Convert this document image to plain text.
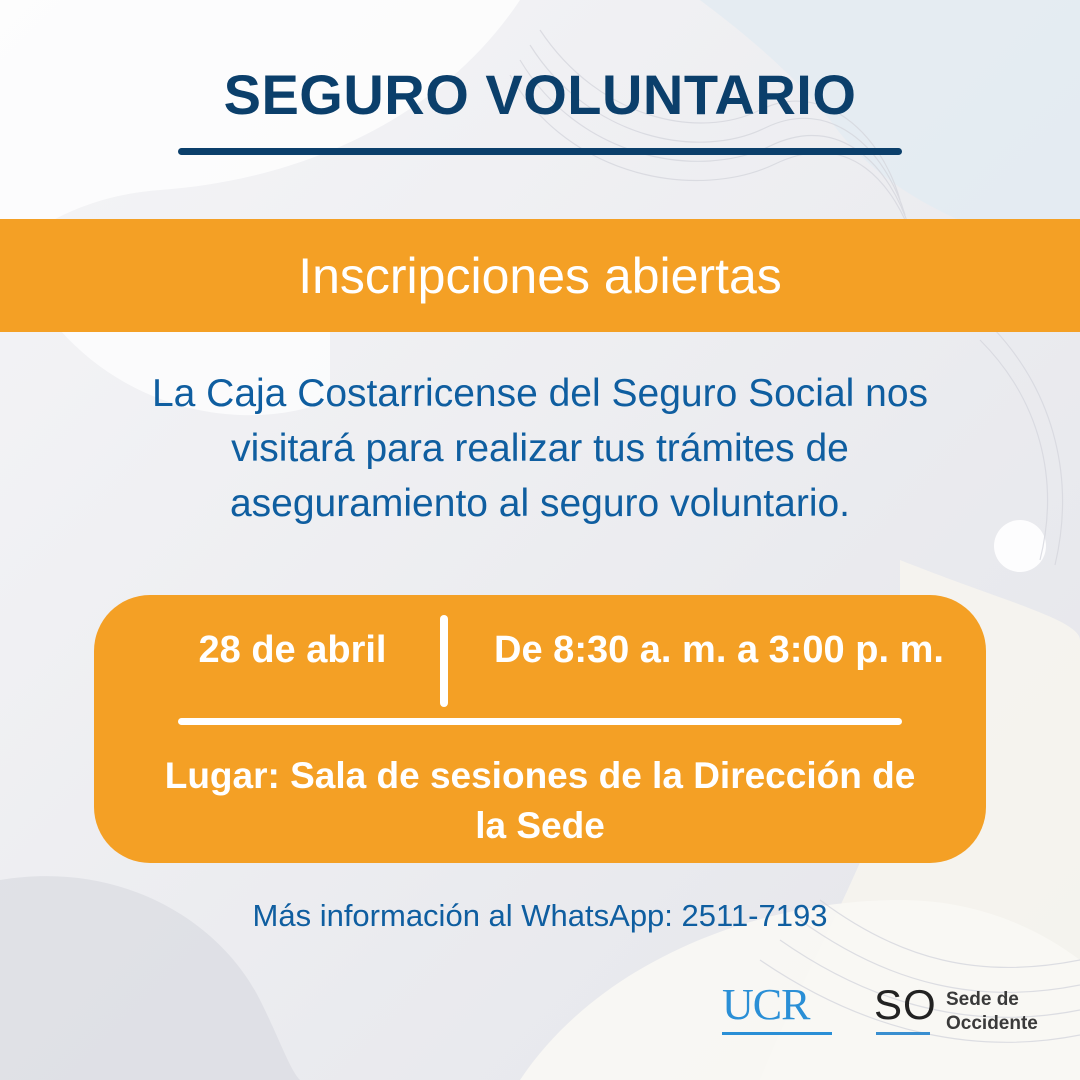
SEGURO VOLUNTARIO
Inscripciones abiertas

La Caja Costarricense del Seguro Social nos
visitará para realizar tus trámites de
aseguramiento al seguro voluntario.

28 de abril	De 8:30 a. m. a 3:00 p. m.
Lugar: Sala de sesiones de la Dirección de
la Sede
Más información al WhatsApp: 2511-7193
UCR	SO Sede de
Occidente
